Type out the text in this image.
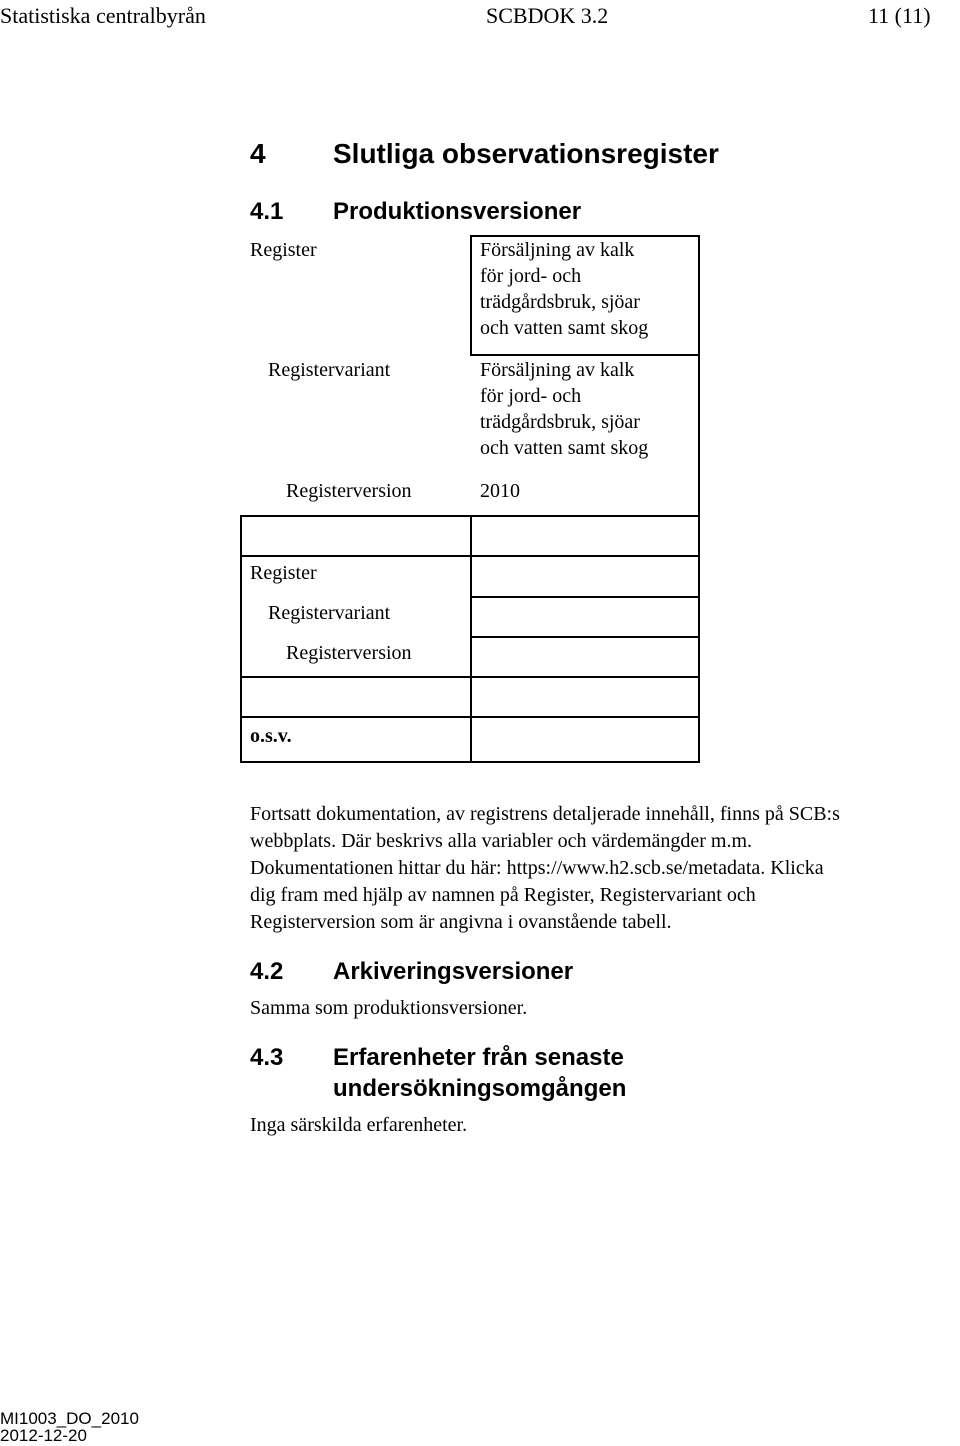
Statistiska centralbyrån	SCBDOK 3.2	11 (11)
4 Slutliga observationsregister
4.1 Produktionsversioner
Register	Försäljning av kalk
för jord- och
trädgårdsbruk, sjöar
och vatten samt skog
Registervariant	Försäljning av kalk
för jord- och
trädgårdsbruk, sjöar
och vatten samt skog
Registerversion	2010
Register
Registervariant
Registerversion
o.s.v.
Fortsatt dokumentation, av registrens detaljerade innehåll, finns på SCB:s
webbplats. Där beskrivs alla variabler och värdemängder m.m.
Dokumentationen hittar du här: https://www.h2.scb.se/metadata. Klicka
dig fram med hjälp av namnen på Register, Registervariant och
Registerversion som är angivna i ovanstående tabell.
4.2 Arkiveringsversioner
Samma som produktionsversioner.
4.3 Erfarenheter från senaste
undersökningsomgången
Inga särskilda erfarenheter.
MI1003_DO_2010
2012-12-20
